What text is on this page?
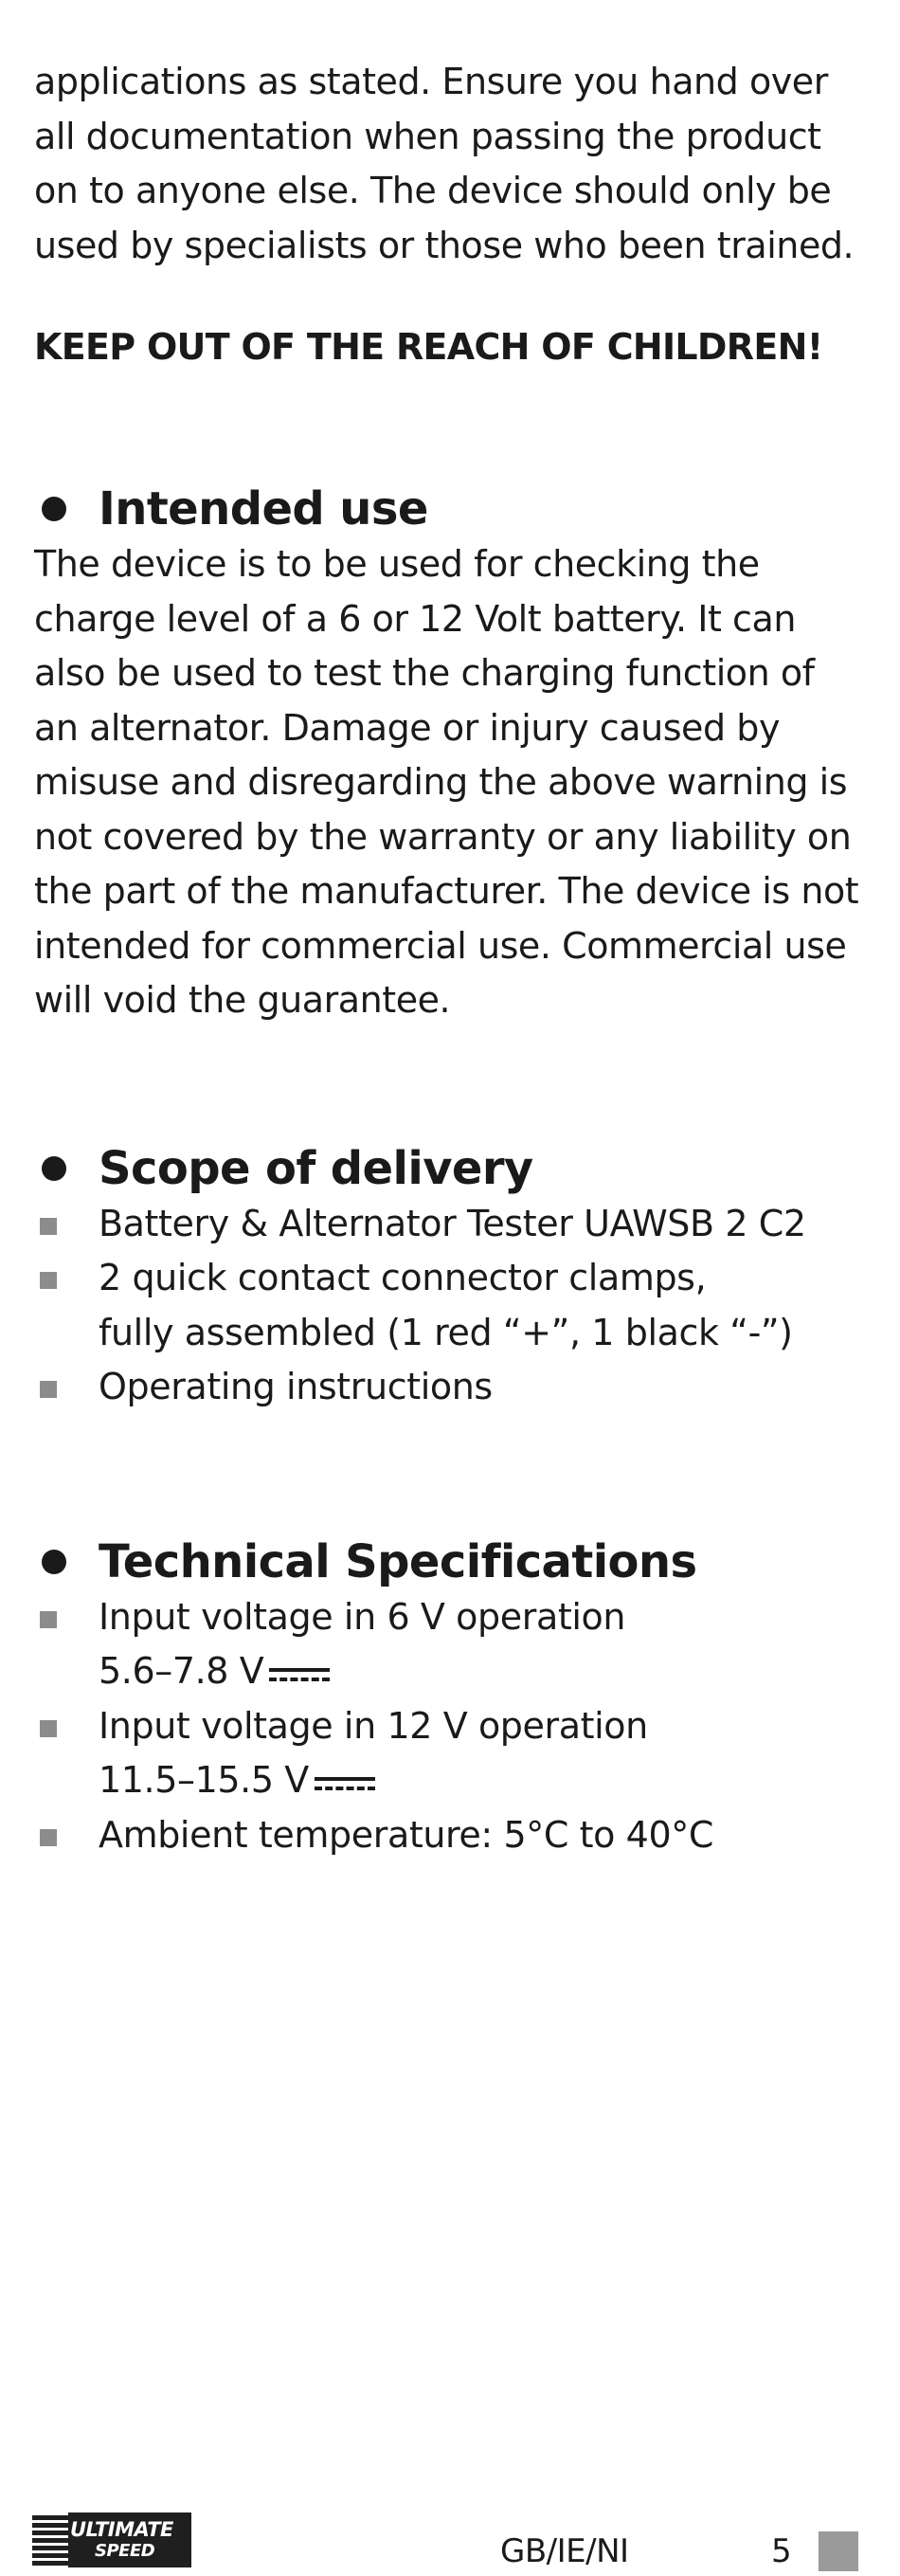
applications as stated. Ensure you hand over
all documentation when passing the product
on to anyone else. The device should only be
used by specialists or those who been trained.

KEEP OUT OF THE REACH OF CHILDREN!

Intended use

The device is to be used for checking the
charge level of a 6 or 12 Volt battery. It can
also be used to test the charging function of
an alternator. Damage or injury caused by
misuse and disregarding the above warning is
not covered by the warranty or any liability on
the part of the manufacturer. The device is not
intended for commercial use. Commercial use
will void the guarantee.

Scope of delivery
Battery & Alternator Tester UAWSB 2 C2
2 quick contact connector clamps,
fully assembled (1 red “+”, 1 black “-”)
Operating instructions
Technical Specifications
Input voltage in 6 V operation
5.6–7.8 V
Input voltage in 12 V operation
11.5–15.5 V
Ambient temperature: 5°C to 40°C
ULTIMATE
SPEED	GB/IE/NI	5
